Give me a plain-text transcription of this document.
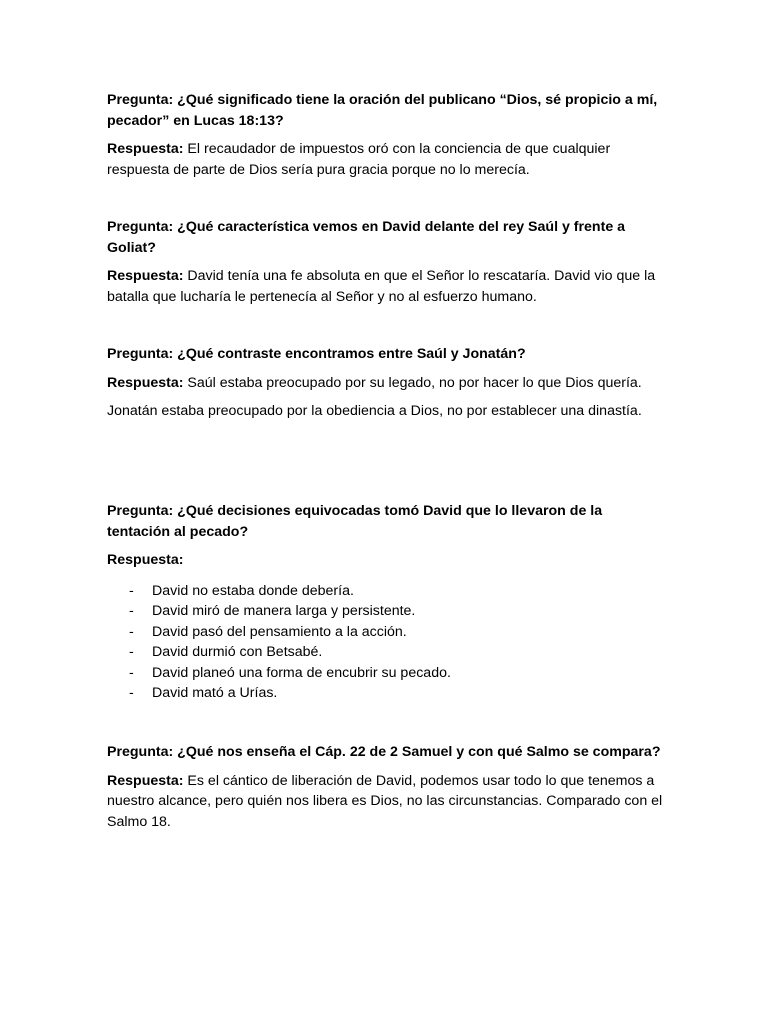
Pregunta: ¿Qué significado tiene la oración del publicano “Dios, sé propicio a mí, pecador” en Lucas 18:13?

Respuesta: El recaudador de impuestos oró con la conciencia de que cualquier respuesta de parte de Dios sería pura gracia porque no lo merecía.

Pregunta: ¿Qué característica vemos en David delante del rey Saúl y frente a Goliat?

Respuesta: David tenía una fe absoluta en que el Señor lo rescataría. David vio que la batalla que lucharía le pertenecía al Señor y no al esfuerzo humano.

Pregunta: ¿Qué contraste encontramos entre Saúl y Jonatán?

Respuesta: Saúl estaba preocupado por su legado, no por hacer lo que Dios quería.

Jonatán estaba preocupado por la obediencia a Dios, no por establecer una dinastía.

Pregunta: ¿Qué decisiones equivocadas tomó David que lo llevaron de la tentación al pecado?

Respuesta:

- David no estaba donde debería.
- David miró de manera larga y persistente.
- David pasó del pensamiento a la acción.
- David durmió con Betsabé.
- David planeó una forma de encubrir su pecado.
- David mató a Urías.

Pregunta: ¿Qué nos enseña el Cáp. 22 de 2 Samuel y con qué Salmo se compara?

Respuesta: Es el cántico de liberación de David, podemos usar todo lo que tenemos a nuestro alcance, pero quién nos libera es Dios, no las circunstancias. Comparado con el Salmo 18.
